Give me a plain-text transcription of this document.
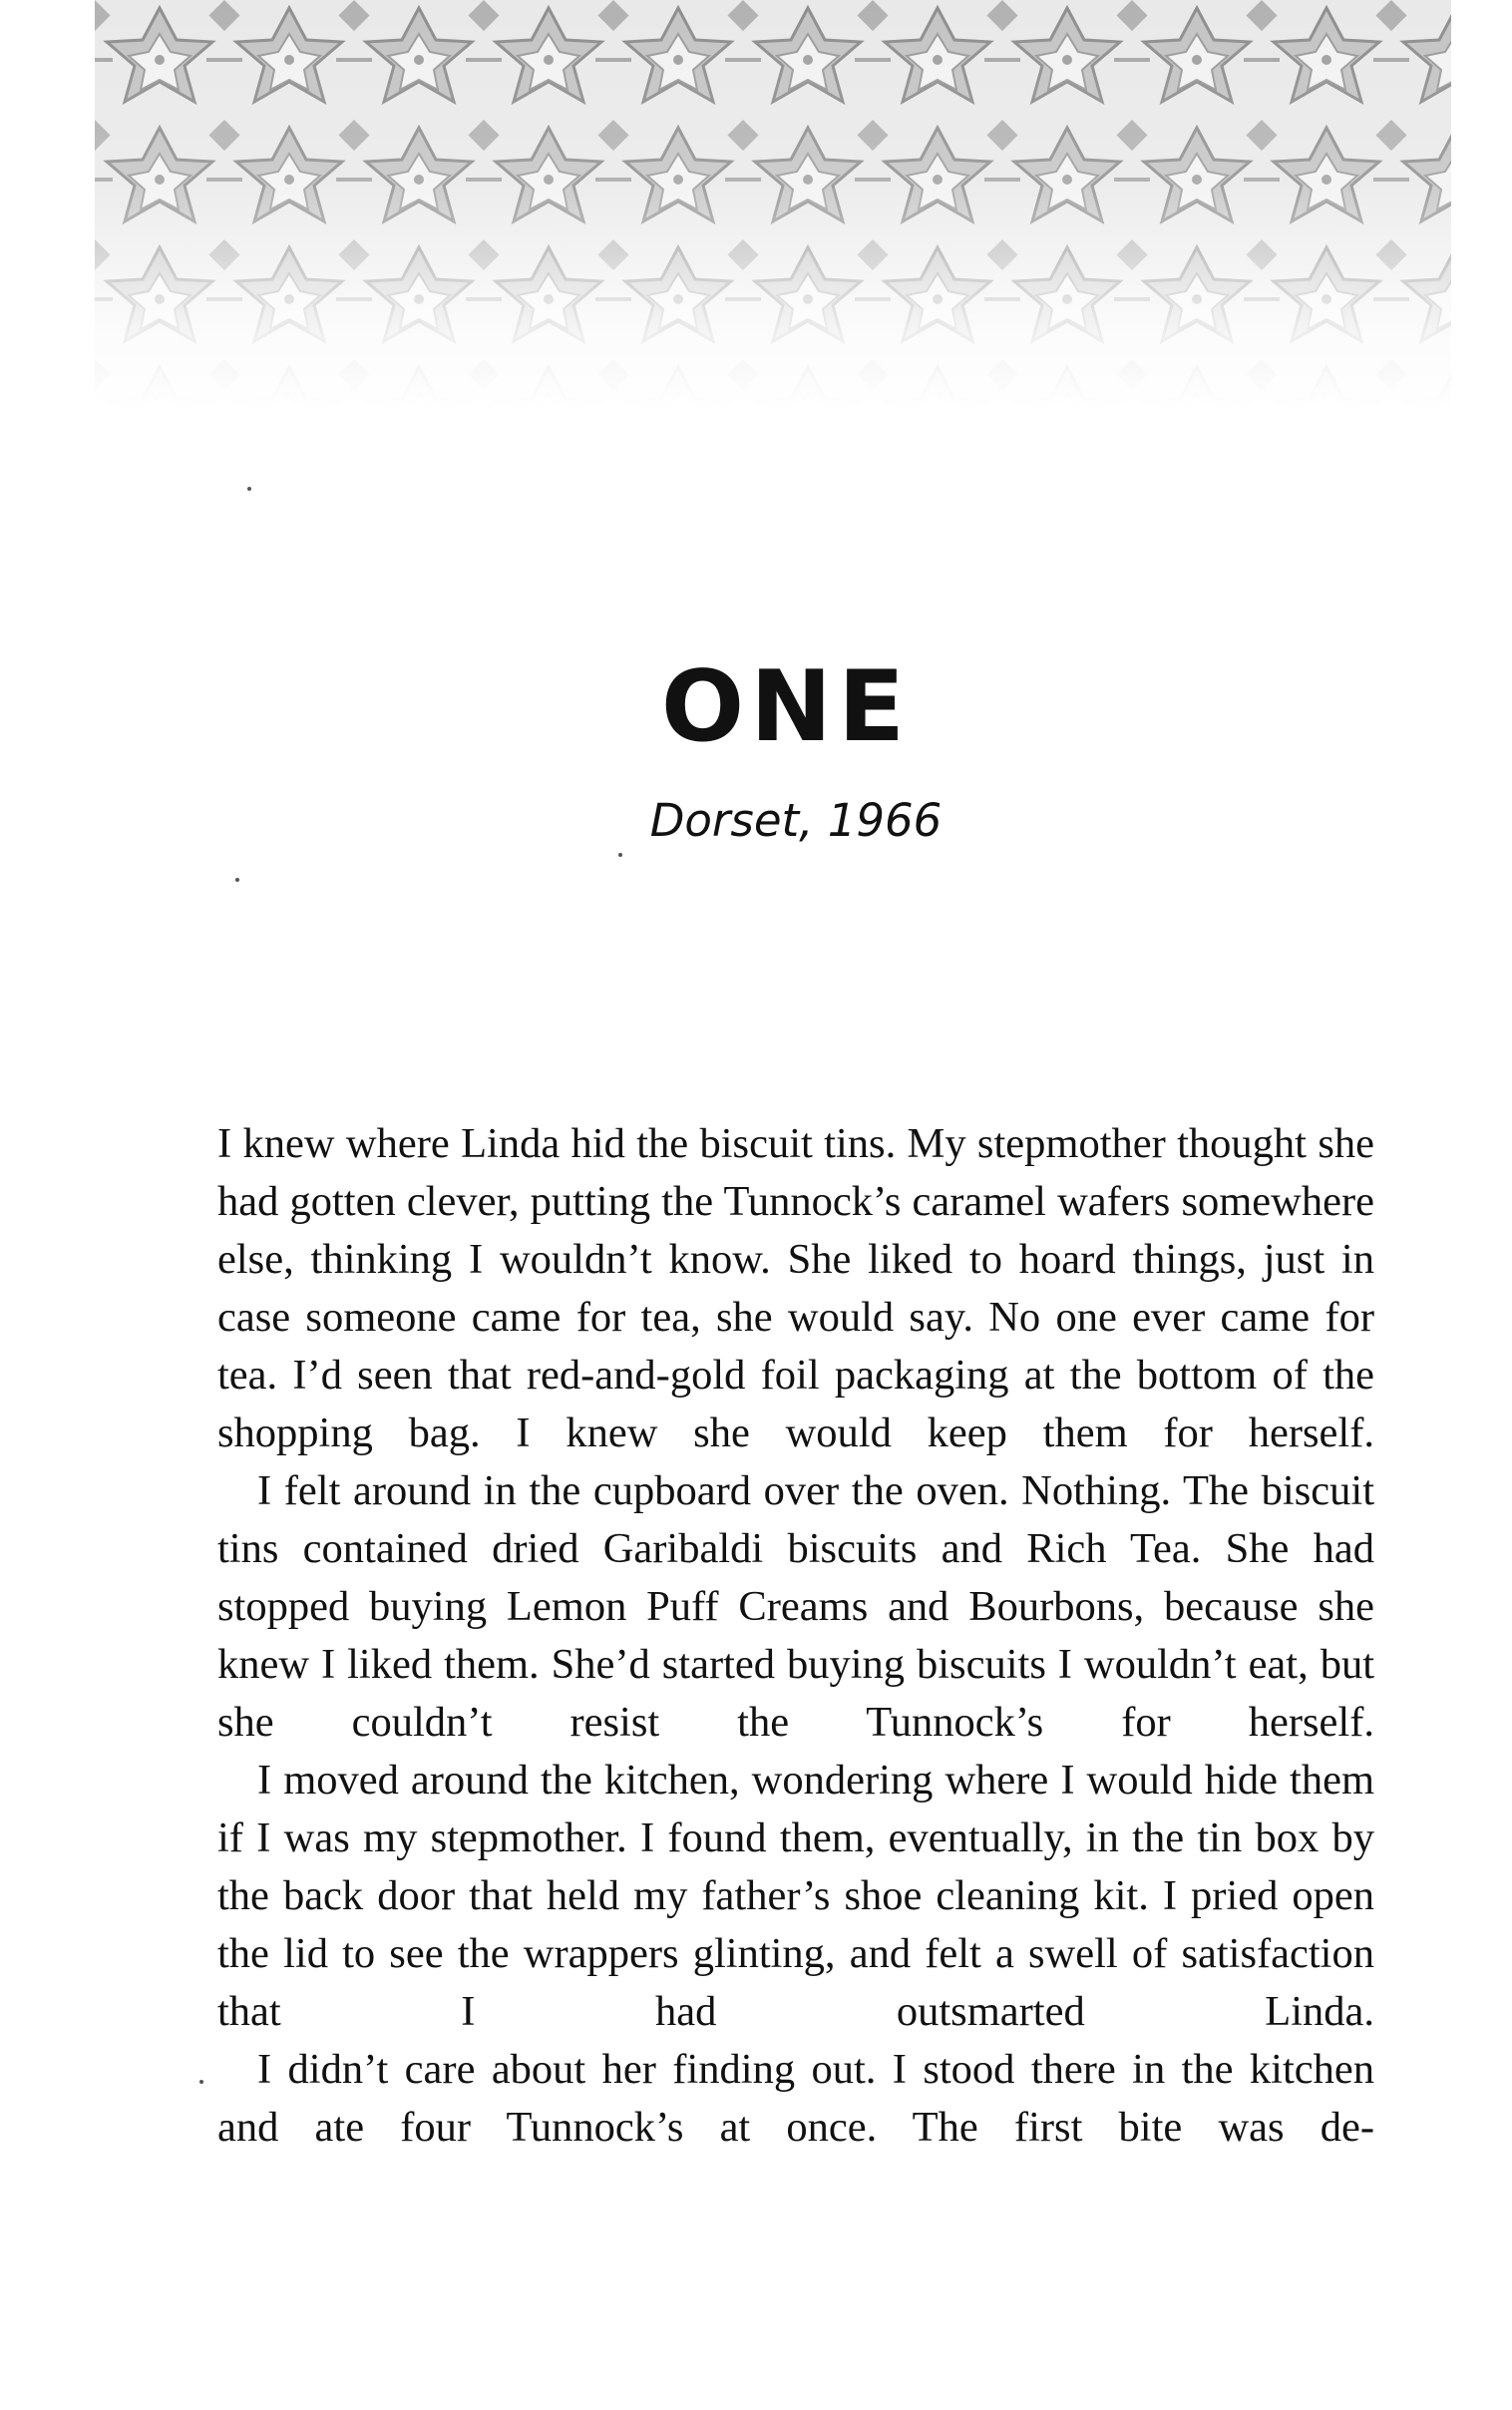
ONE
Dorset, 1966

I knew where Linda hid the biscuit tins. My stepmother thought she had gotten clever, putting the Tunnock’s caramel wafers somewhere else, thinking I wouldn’t know. She liked to hoard things, just in case someone came for tea, she would say. No one ever came for tea. I’d seen that red-and-gold foil packaging at the bottom of the shopping bag. I knew she would keep them for herself.

I felt around in the cupboard over the oven. Nothing. The biscuit tins contained dried Garibaldi biscuits and Rich Tea. She had stopped buying Lemon Puff Creams and Bourbons, because she knew I liked them. She’d started buying biscuits I wouldn’t eat, but she couldn’t resist the Tunnock’s for herself.

I moved around the kitchen, wondering where I would hide them if I was my stepmother. I found them, eventually, in the tin box by the back door that held my father’s shoe cleaning kit. I pried open the lid to see the wrappers glinting, and felt a swell of satisfaction that I had outsmarted Linda.

I didn’t care about her finding out. I stood there in the kitchen and ate four Tunnock’s at once. The first bite was de-
